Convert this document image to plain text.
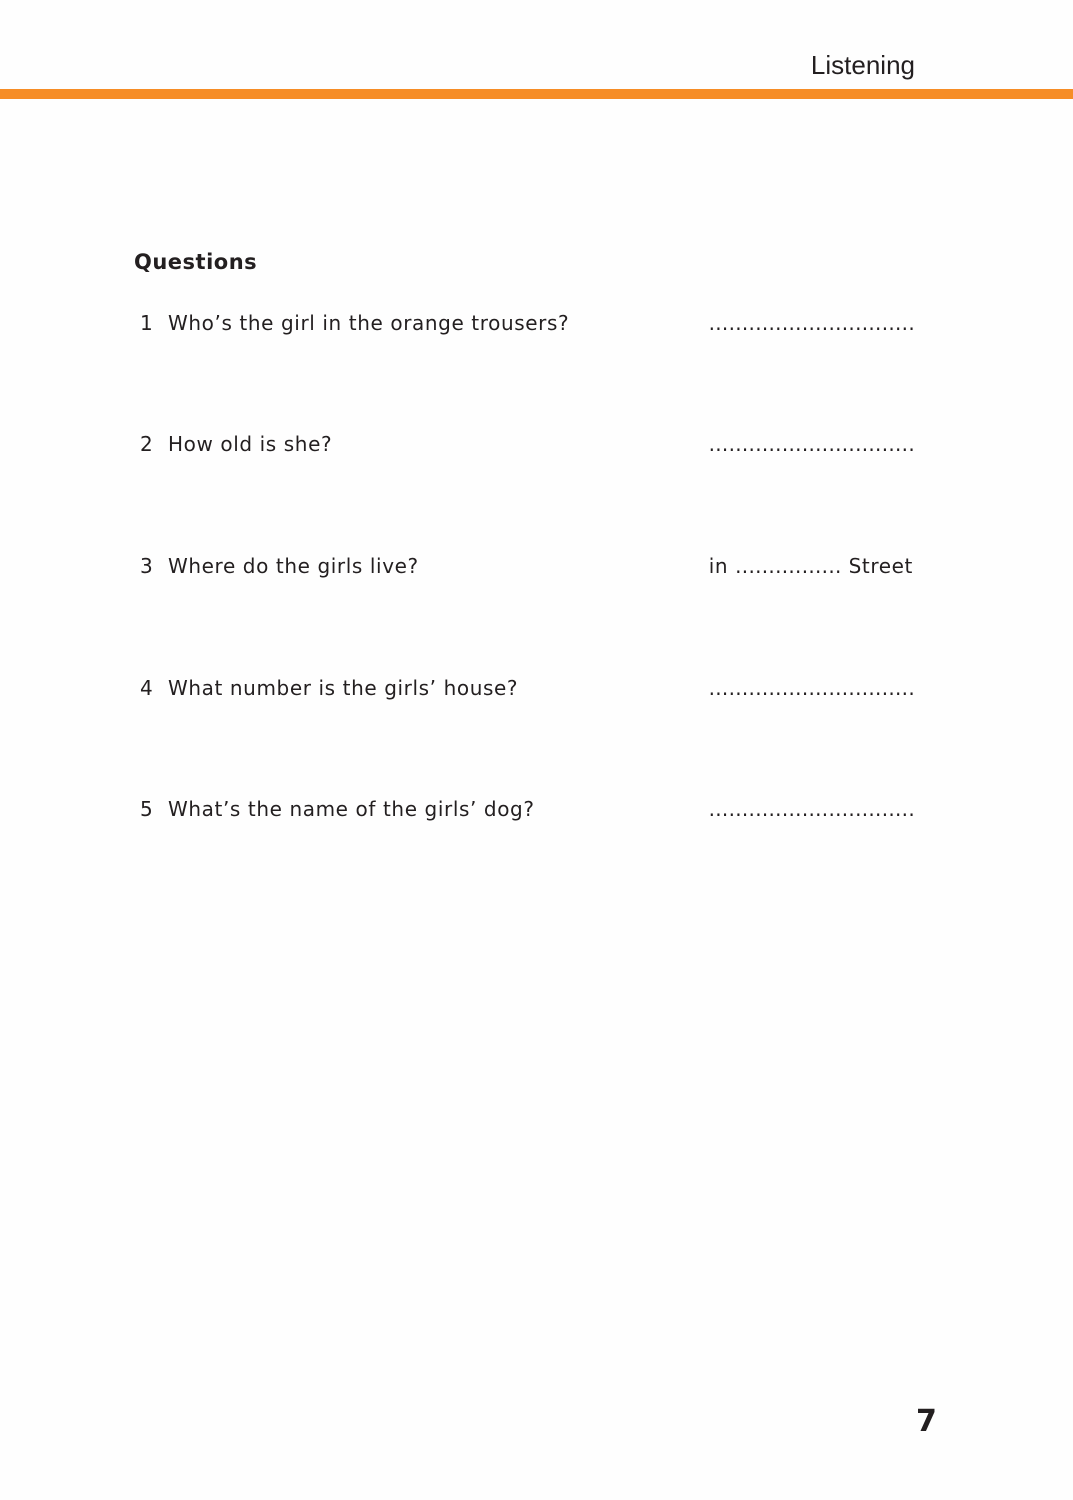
Listening
Questions
1 Who’s the girl in the orange trousers?	...............................
2 How old is she?	...............................
3 Where do the girls live?	in ................ Street
4 What number is the girls’ house?	...............................
5 What’s the name of the girls’ dog?	...............................
7
